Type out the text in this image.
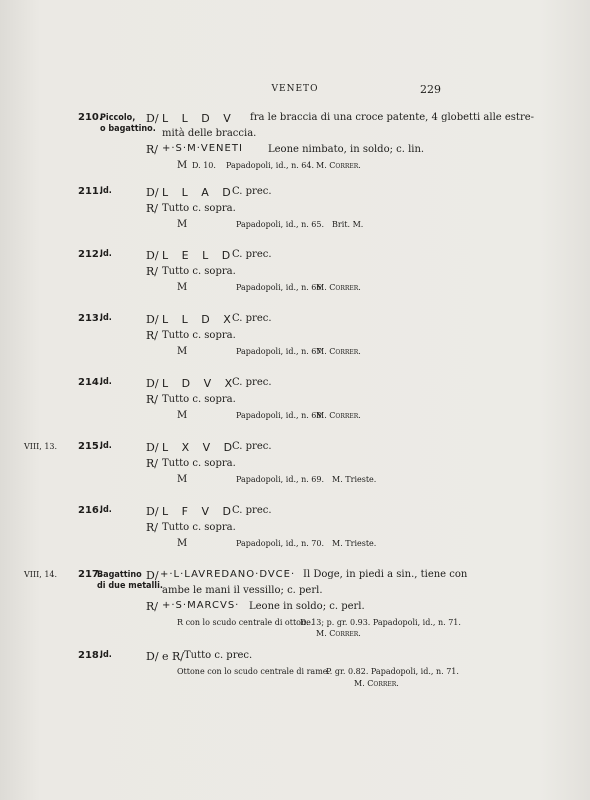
VENETO	229
210.
Piccolo,
o bagattino.
D/ L L D V fra le braccia di una croce patente, 4 globetti alle estre-
mità delle braccia.
R/ +·S·M·VENETI	Leone nimbato, in soldo; c. lin.
M D. 10. Papadopoli, id., n. 64. M. Correr.
211.
Id.	D/ L L A D
C. prec.
R/ Tutto c. sopra.
M	Papadopoli, id., n. 65. Brit. M.
212.
Id.	D/ L E L D
C. prec.
R/ Tutto c. sopra.
M	Papadopoli, id., n. 66.
M. Correr.
213.
Id.	D/ L L D X
C. prec.
R/ Tutto c. sopra.
M	Papadopoli, id., n. 67.
M. Correr.
214.
Id.	D/ L D V X
C. prec.
R/ Tutto c. sopra.
M	Papadopoli, id., n. 68.
M. Correr.
VIII, 13. 215.
Id.	D/ L X V D
C. prec.
R/ Tutto c. sopra.
M	Papadopoli, id., n. 69. M. Trieste.
216.
Id.	D/ L F V D
C. prec.
R/ Tutto c. sopra.
M	Papadopoli, id., n. 70. M. Trieste.
VIII, 14. 217.
Bagattino
di due metalli.
D/ +·L·LAVREDANO·DVCE· Il Doge, in piedi a sin., tiene con
ambe le mani il vessillo; c. perl.
R/ +·S·MARCVS· Leone in soldo; c. perl.
R con lo scudo centrale di ottone.
D. 13; p. gr. 0.93. Papadopoli, id., n. 71.
M. Correr.
218.
Id.	D/ e R/ Tutto c. prec.
Ottone con lo scudo centrale di rame.
P. gr. 0.82. Papadopoli, id., n. 71.
M. Correr.
